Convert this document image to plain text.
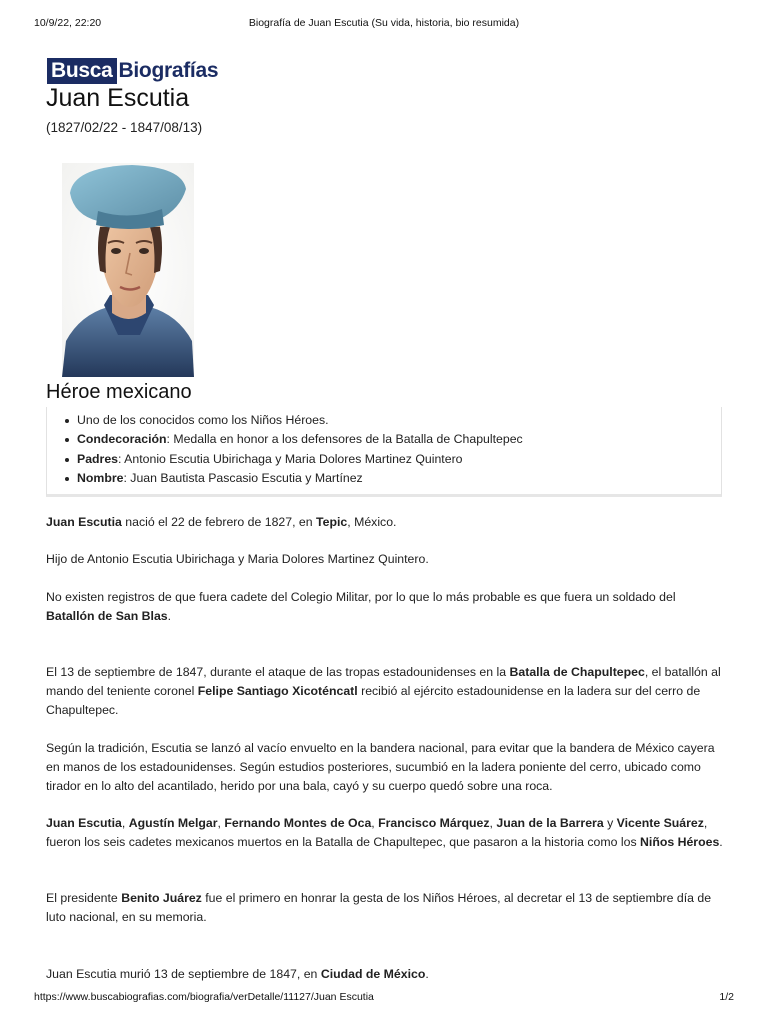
10/9/22, 22:20	Biografía de Juan Escutia (Su vida, historia, bio resumida)
Busca Biografías
Juan Escutia
(1827/02/22 - 1847/08/13)
Héroe mexicano
Uno de los conocidos como los Niños Héroes.
Condecoración: Medalla en honor a los defensores de la Batalla de Chapultepec
Padres: Antonio Escutia Ubirichaga y Maria Dolores Martinez Quintero
Nombre: Juan Bautista Pascasio Escutia y Martínez

Juan Escutia nació el 22 de febrero de 1827, en Tepic, México.

Hijo de Antonio Escutia Ubirichaga y Maria Dolores Martinez Quintero.

No existen registros de que fuera cadete del Colegio Militar, por lo que lo más probable es que fuera un soldado del Batallón de San Blas.

El 13 de septiembre de 1847, durante el ataque de las tropas estadounidenses en la Batalla de Chapultepec, el batallón al mando del teniente coronel Felipe Santiago Xicoténcatl recibió al ejército estadounidense en la ladera sur del cerro de Chapultepec.

Según la tradición, Escutia se lanzó al vacío envuelto en la bandera nacional, para evitar que la bandera de México cayera en manos de los estadounidenses. Según estudios posteriores, sucumbió en la ladera poniente del cerro, ubicado como tirador en lo alto del acantilado, herido por una bala, cayó y su cuerpo quedó sobre una roca.

Juan Escutia, Agustín Melgar, Fernando Montes de Oca, Francisco Márquez, Juan de la Barrera y Vicente Suárez, fueron los seis cadetes mexicanos muertos en la Batalla de Chapultepec, que pasaron a la historia como los Niños Héroes.

El presidente Benito Juárez fue el primero en honrar la gesta de los Niños Héroes, al decretar el 13 de septiembre día de luto nacional, en su memoria.

Juan Escutia murió 13 de septiembre de 1847, en Ciudad de México.

https://www.buscabiografias.com/biografia/verDetalle/11127/Juan Escutia	1/2
